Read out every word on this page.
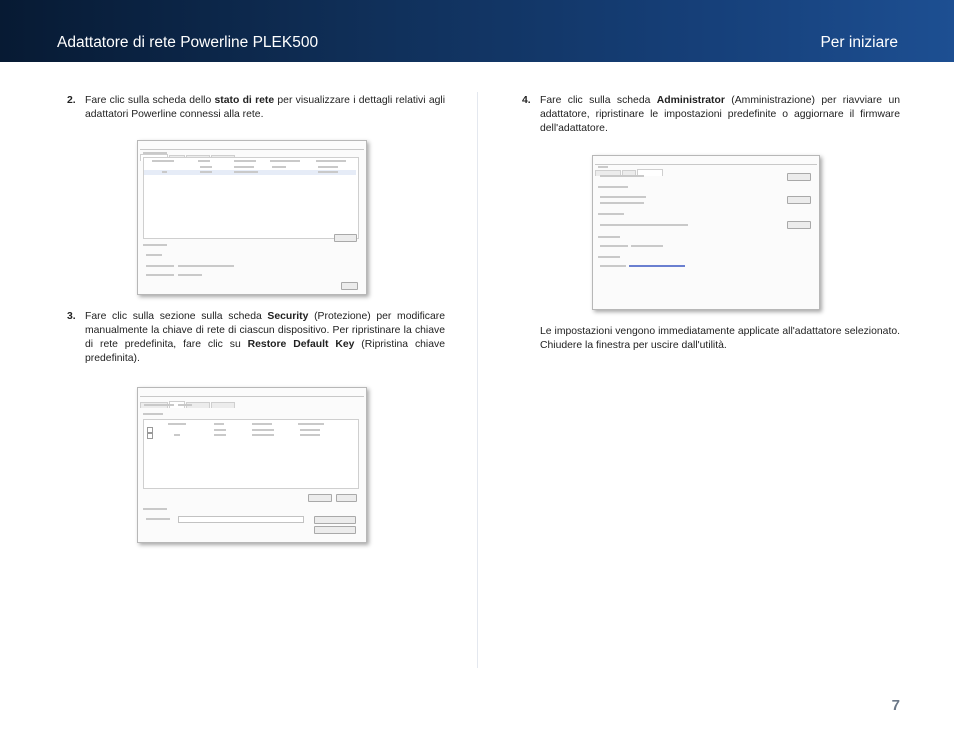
Adattatore di rete Powerline PLEK500	Per iniziare
2. Fare clic sulla scheda dello stato di rete per visualizzare i dettagli relativi agli adattatori Powerline connessi alla rete.
3. Fare clic sulla sezione sulla scheda Security (Protezione) per modificare manualmente la chiave di rete di ciascun dispositivo. Per ripristinare la chiave di rete predefinita, fare clic su Restore Default Key (Ripristina chiave predefinita).
4. Fare clic sulla scheda Administrator (Amministrazione) per riavviare un adattatore, ripristinare le impostazioni predefinite o aggiornare il firmware dell'adattatore.
Le impostazioni vengono immediatamente applicate all'adattatore selezionato. Chiudere la finestra per uscire dall'utilità.
7
